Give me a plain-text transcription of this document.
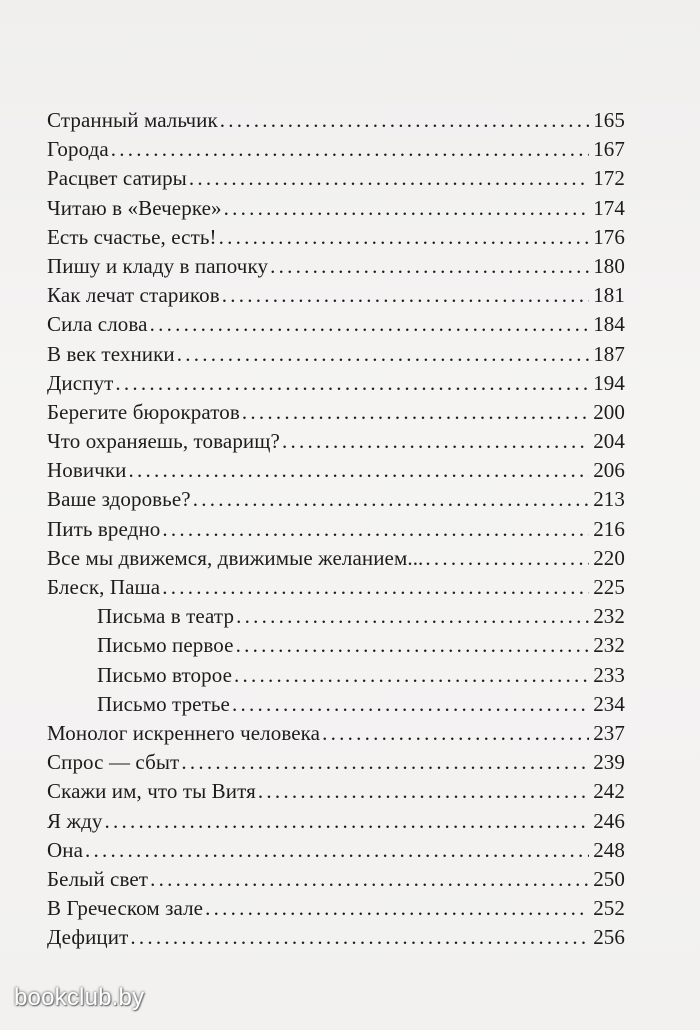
Странный мальчик . . .	165
Города . . .	167
Расцвет сатиры . . .	172
Читаю в «Вечерке» . . .	174
Есть счастье, есть! . . .	176
Пишу и кладу в папочку . . .	180
Как лечат стариков . . .	181
Сила слова . . .	184
В век техники . . .	187
Диспут . . .	194
Берегите бюрократов . . .	200
Что охраняешь, товарищ? . . .	204
Новички . . .	206
Ваше здоровье? . . .	213
Пить вредно . . .	216
Все мы движемся, движимые желанием... . . .	220
Блеск, Паша . . .	225
Письма в театр . . .	232
Письмо первое . . .	232
Письмо второе . . .	233
Письмо третье . . .	234
Монолог искреннего человека . . .	237
Спрос — сбыт . . .	239
Скажи им, что ты Витя . . .	242
Я жду . . .	246
Она . . .	248
Белый свет . . .	250
В Греческом зале . . .	252
Дефицит . . .	256
bookclub.by
